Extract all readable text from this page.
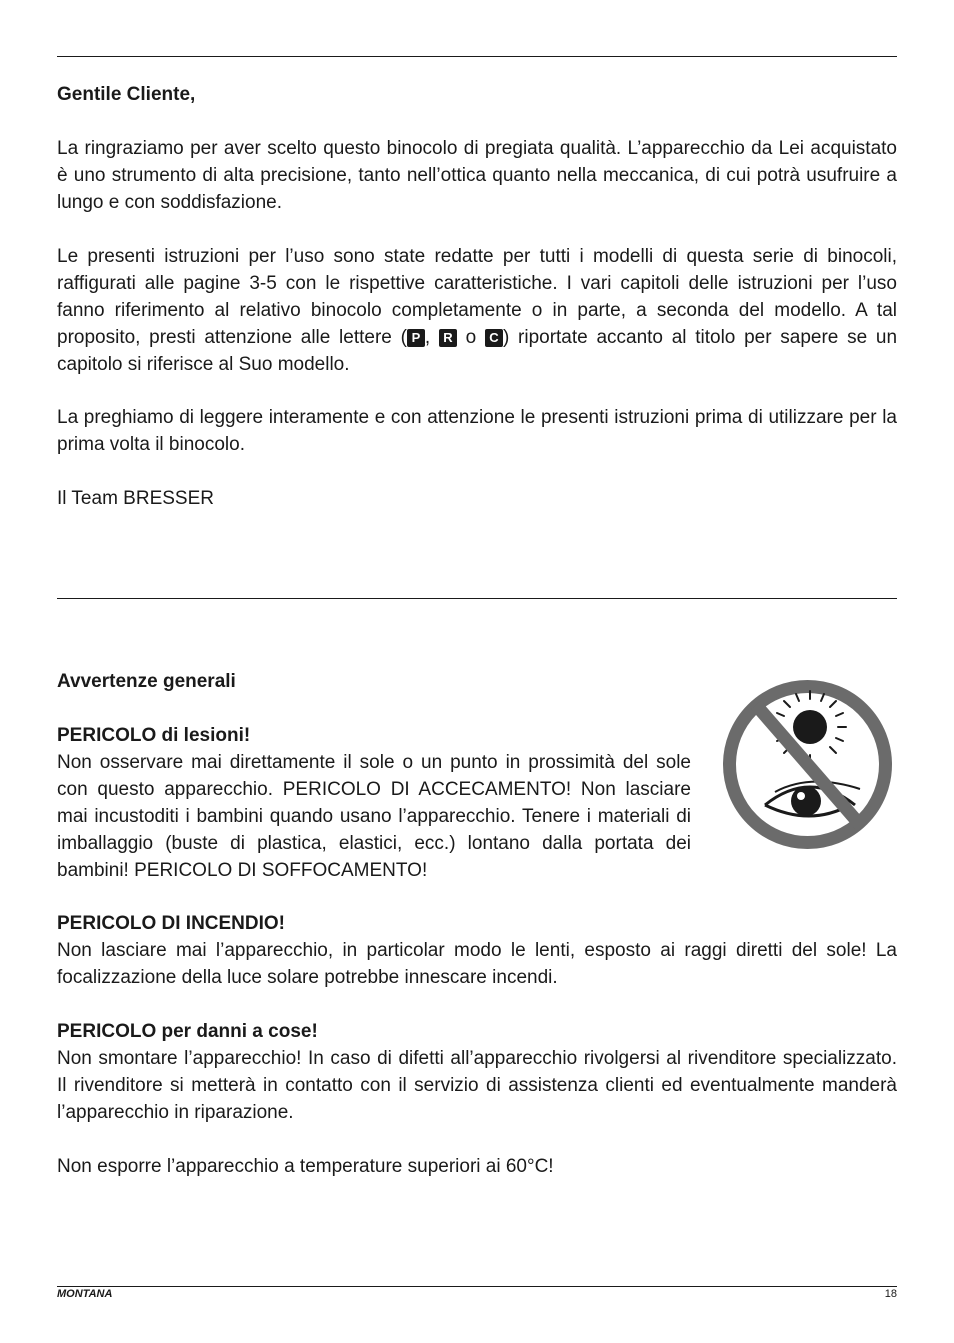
Gentile Cliente,

La ringraziamo per aver scelto questo binocolo di pregiata qualità. L’apparecchio da Lei acquistato è uno strumento di alta precisione, tanto nell’ottica quanto nella meccanica, di cui potrà usufruire a lungo e con soddisfazione.

Le presenti istruzioni per l’uso sono state redatte per tutti i modelli di questa serie di binocoli, raffigurati alle pagine 3-5 con le rispettive caratteristiche. I vari capitoli delle istruzioni per l’uso fanno riferimento al relativo binocolo completamente o in parte, a seconda del modello. A tal proposito, presti attenzione alle lettere ( P , R o C ) riportate accanto al titolo per sapere se un capitolo si riferisce al Suo modello.

La preghiamo di leggere interamente e con attenzione le presenti istruzioni prima di utilizzare per la prima volta il binocolo.

Il Team BRESSER

Avvertenze generali

PERICOLO di lesioni!

Non osservare mai direttamente il sole o un punto in prossimità del sole con questo apparecchio. PERICOLO DI ACCECAMENTO! Non lasciare mai incustoditi i bambini quando usano l’apparecchio. Tenere i materiali di imballaggio (buste di plastica, elastici, ecc.) lontano dalla portata dei bambini! PERICOLO DI SOFFOCAMENTO!

PERICOLO DI INCENDIO!

Non lasciare mai l’apparecchio, in particolar modo le lenti, esposto ai raggi diretti del sole! La focalizzazione della luce solare potrebbe innescare incendi.

PERICOLO per danni a cose!

Non smontare l’apparecchio! In caso di difetti all’apparecchio rivolgersi al rivenditore specializzato. Il rivenditore si metterà in contatto con il servizio di assistenza clienti ed eventualmente manderà l’apparecchio in riparazione.

Non esporre l’apparecchio a temperature superiori ai 60°C!

MONTANA	18
